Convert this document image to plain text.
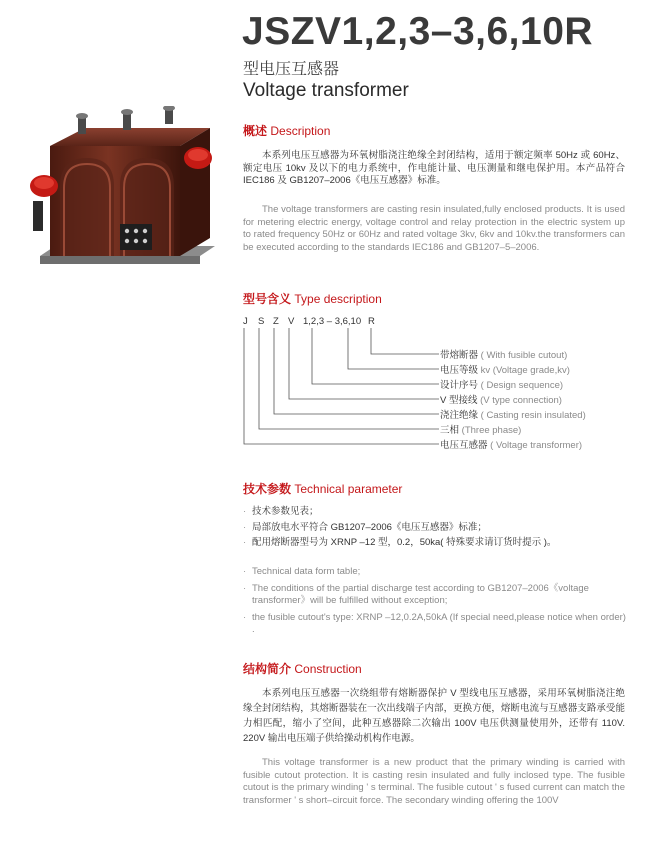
JSZV1,2,3–3,6,10R
型电压互感器
Voltage transformer
概述 Description
本系列电压互感器为环氧树脂浇注绝缘全封闭结构，适用于额定频率 50Hz 或 60Hz、额定电压 10kv 及以下的电力系统中，作电能计量、电压测量和继电保护用。本产品符合 IEC186 及 GB1207–2006《电压互感器》标准。
The voltage transformers are casting resin insulated,fully enclosed products. It is used for metering electric energy, voltage control and relay protection in the electric system up to rated frequency 50Hz or 60Hz and rated voltage 3kv, 6kv and 10kv.the transformers can be executed according to the standards IEC186 and GB1207–5–2006.
型号含义 Type description
J S Z V 1,2,3 – 3,6,10 R
带熔断器 ( With fusible cutout)
电压等级 kv (Voltage grade,kv)
设计序号 ( Design sequence)
V 型接线 (V type connection)
浇注绝缘 ( Casting resin insulated)
三相 (Three phase)
电压互感器 ( Voltage transformer)
技术参数 Technical parameter
· 技术参数见表；
· 局部放电水平符合 GB1207–2006《电压互感器》标准；
· 配用熔断器型号为 XRNP –12 型，0.2，50ka( 特殊要求请订货时提示 )。
· Technical data form table;
· The conditions of the partial discharge test according to GB1207–2006《voltage transformer》will be fulfilled without exception;
· the fusible cutout's type: XRNP –12,0.2A,50kA (If special need,please notice when order) .
结构简介 Construction
本系列电压互感器一次绕组带有熔断器保护 V 型线电压互感器，采用环氧树脂浇注绝缘全封闭结构，其熔断器装在一次出线端子内部，更换方便，熔断电流与互感器支路承受能力相匹配，缩小了空间，此种互感器除二次输出 100V 电压供测量使用外，还带有 110V. 220V 输出电压端子供给操动机构作电源。
This voltage transformer is a new product that the primary winding is carried with fusible cutout protection. It is casting resin insulated and fully inclosed type. The fusible cutout is the primary winding ' s terminal. The fusible cutout ' s fused current can match the transformer ' s short–circuit force. The secondary winding offering the 100V
